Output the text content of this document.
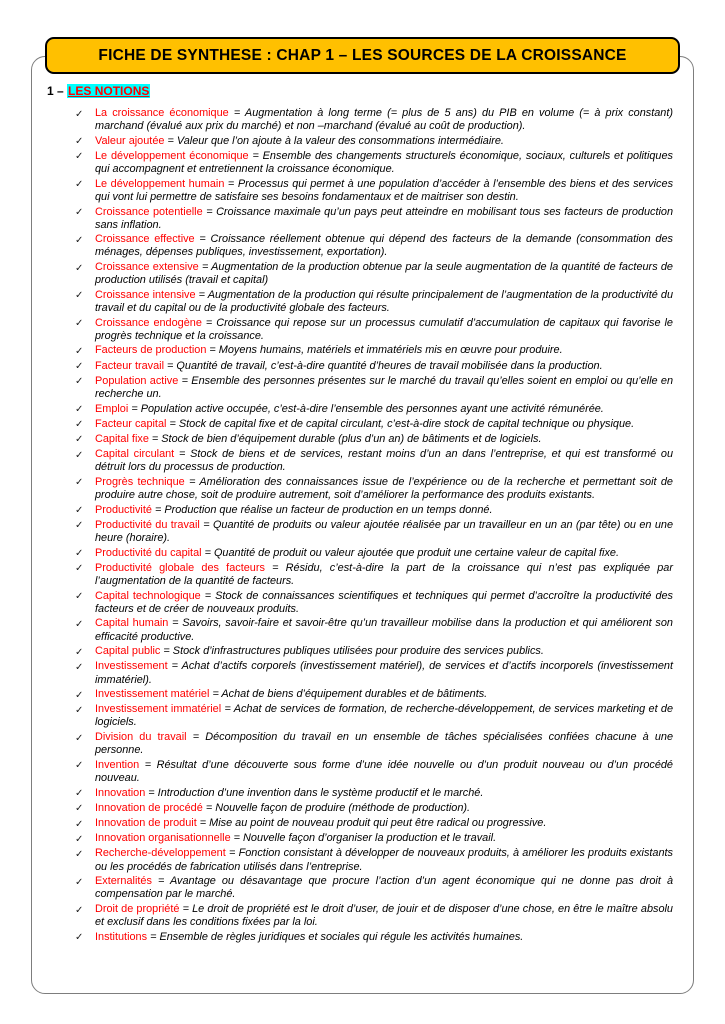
FICHE DE SYNTHESE : CHAP 1 – LES SOURCES DE LA CROISSANCE
1 – LES NOTIONS
✓	La croissance économique = Augmentation à long terme (= plus de 5 ans) du PIB en volume (= à prix constant) marchand (évalué aux prix du marché) et non –marchand (évalué au coût de production).
✓	Valeur ajoutée = Valeur que l’on ajoute à la valeur des consommations intermédiaire.
✓	Le développement économique = Ensemble des changements structurels économique, sociaux, culturels et politiques qui accompagnent et entretiennent la croissance économique.
✓	Le développement humain = Processus qui permet à une population d’accéder à l’ensemble des biens et des services qui vont lui permettre de satisfaire ses besoins fondamentaux et de maitriser son destin.
✓	Croissance potentielle = Croissance maximale qu’un pays peut atteindre en mobilisant tous ses facteurs de production sans inflation.
✓	Croissance effective = Croissance réellement obtenue qui dépend des facteurs de la demande (consommation des ménages, dépenses publiques, investissement, exportation).
✓	Croissance extensive = Augmentation de la production obtenue par la seule augmentation de la quantité de facteurs de production utilisés (travail et capital)
✓	Croissance intensive = Augmentation de la production qui résulte principalement de l’augmentation de la productivité du travail et du capital ou de la productivité globale des facteurs.
✓	Croissance endogène = Croissance qui repose sur un processus cumulatif d’accumulation de capitaux qui favorise le progrès technique et la croissance.
✓	Facteurs de production = Moyens humains, matériels et immatériels mis en œuvre pour produire.
✓	Facteur travail = Quantité de travail, c’est-à-dire quantité d’heures de travail mobilisée dans la production.
✓	Population active = Ensemble des personnes présentes sur le marché du travail qu’elles soient en emploi ou qu’elle en recherche un.
✓	Emploi = Population active occupée, c’est-à-dire l’ensemble des personnes ayant une activité rémunérée.
✓	Facteur capital = Stock de capital fixe et de capital circulant, c’est-à-dire stock de capital technique ou physique.
✓	Capital fixe = Stock de bien d’équipement durable (plus d’un an) de bâtiments et de logiciels.
✓	Capital circulant = Stock de biens et de services, restant moins d’un an dans l’entreprise, et qui est transformé ou détruit lors du processus de production.
✓	Progrès technique = Amélioration des connaissances issue de l’expérience ou de la recherche et permettant soit de produire autre chose, soit de produire autrement, soit d’améliorer la performance des produits existants.
✓	Productivité = Production que réalise un facteur de production en un temps donné.
✓	Productivité du travail = Quantité de produits ou valeur ajoutée réalisée par un travailleur en un an (par tête) ou en une heure (horaire).
✓	Productivité du capital = Quantité de produit ou valeur ajoutée que produit une certaine valeur de capital fixe.
✓	Productivité globale des facteurs = Résidu, c’est-à-dire la part de la croissance qui n’est pas expliquée par l’augmentation de la quantité de facteurs.
✓	Capital technologique = Stock de connaissances scientifiques et techniques qui permet d’accroître la productivité des facteurs et de créer de nouveaux produits.
✓	Capital humain = Savoirs, savoir-faire et savoir-être qu’un travailleur mobilise dans la production et qui améliorent son efficacité productive.
✓	Capital public = Stock d’infrastructures publiques utilisées pour produire des services publics.
✓	Investissement = Achat d’actifs corporels (investissement matériel), de services et d’actifs incorporels (investissement immatériel).
✓	Investissement matériel = Achat de biens d’équipement durables et de bâtiments.
✓	Investissement immatériel = Achat de services de formation, de recherche-développement, de services marketing et de logiciels.
✓	Division du travail = Décomposition du travail en un ensemble de tâches spécialisées confiées chacune à une personne.
✓	Invention = Résultat d’une découverte sous forme d’une idée nouvelle ou d’un produit nouveau ou d’un procédé nouveau.
✓	Innovation = Introduction d’une invention dans le système productif et le marché.
✓	Innovation de procédé = Nouvelle façon de produire (méthode de production).
✓	Innovation de produit = Mise au point de nouveau produit qui peut être radical ou progressive.
✓	Innovation organisationnelle = Nouvelle façon d’organiser la production et le travail.
✓	Recherche-développement = Fonction consistant à développer de nouveaux produits, à améliorer les produits existants ou les procédés de fabrication utilisés dans l’entreprise.
✓	Externalités = Avantage ou désavantage que procure l’action d’un agent économique qui ne donne pas droit à compensation par le marché.
✓	Droit de propriété = Le droit de propriété est le droit d’user, de jouir et de disposer d’une chose, en être le maître absolu et exclusif dans les conditions fixées par la loi.
✓	Institutions = Ensemble de règles juridiques et sociales qui régule les activités humaines.
